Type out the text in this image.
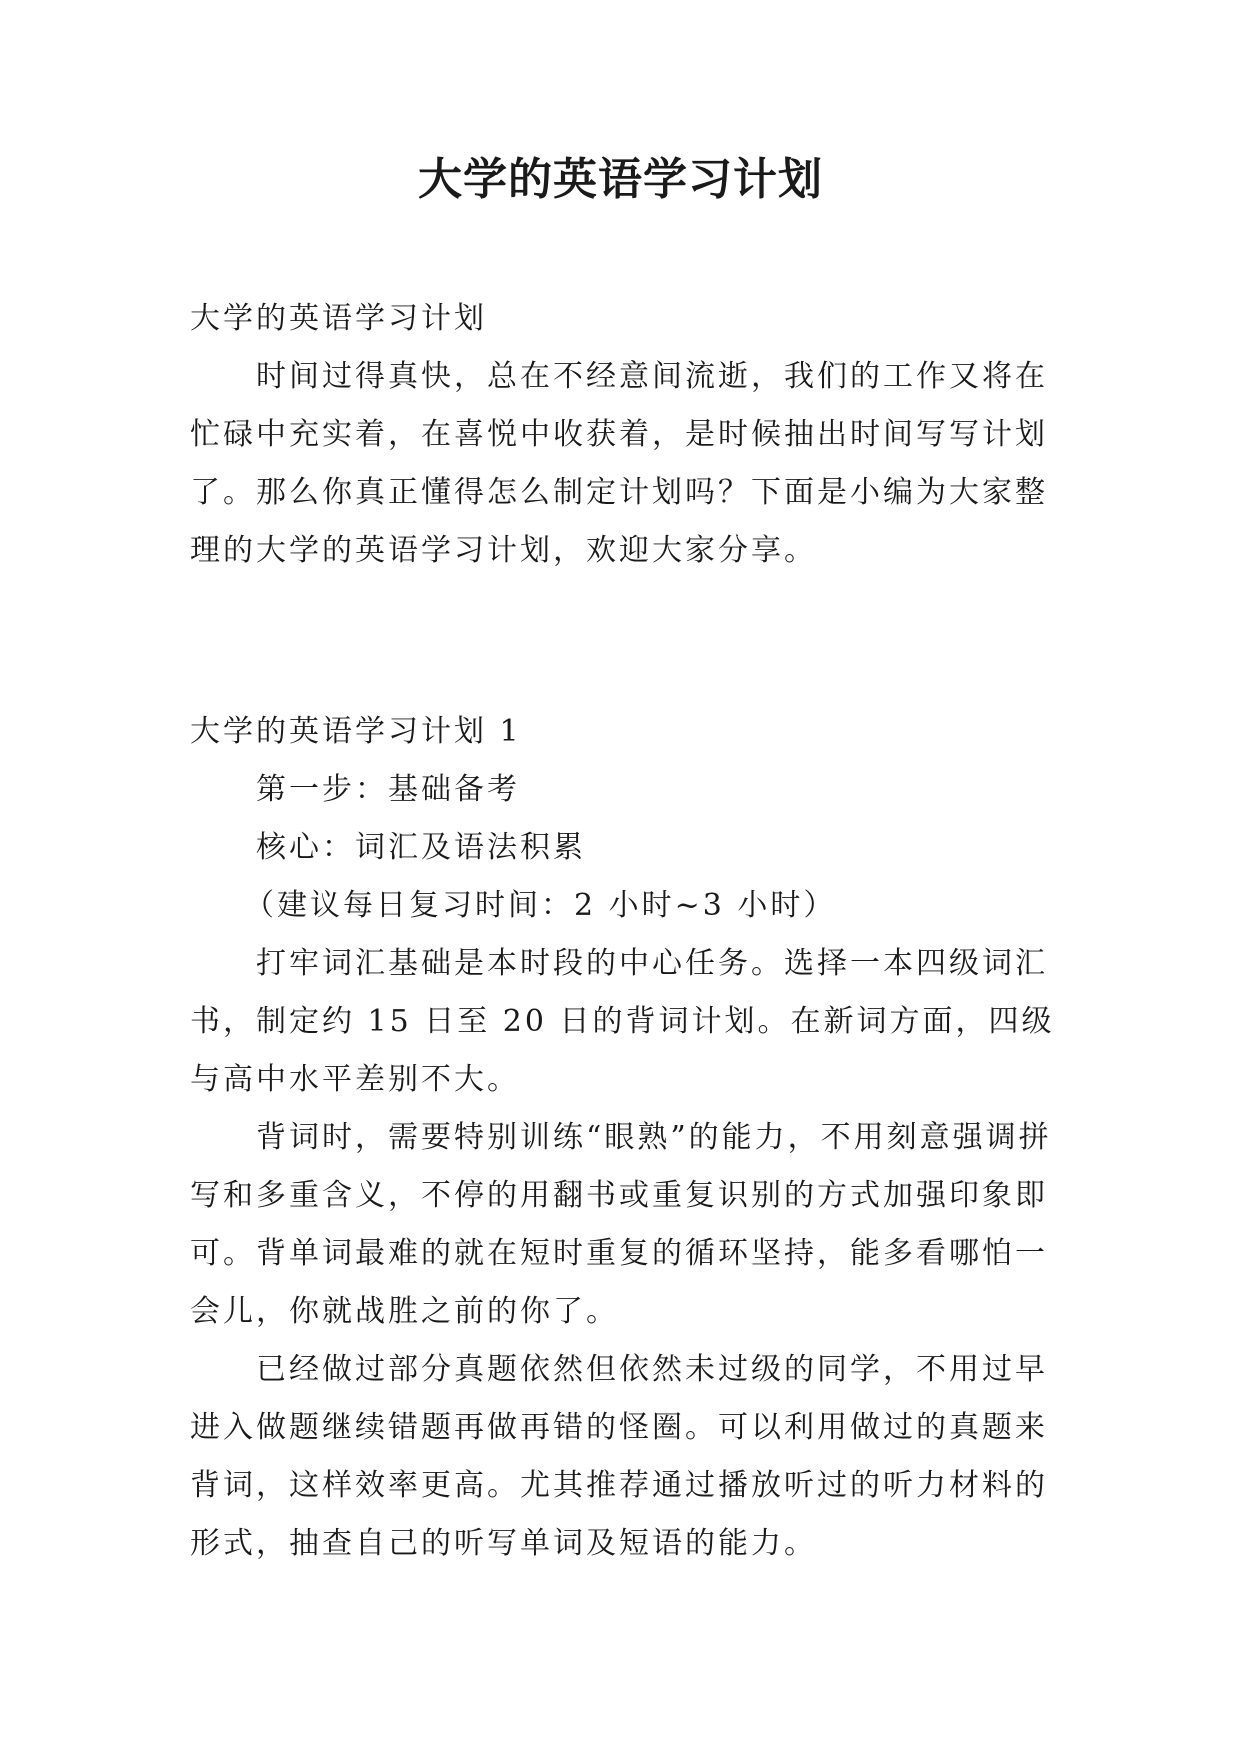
大学的英语学习计划

大学的英语学习计划

时间过得真快，总在不经意间流逝，我们的工作又将在忙碌中充实着，在喜悦中收获着，是时候抽出时间写写计划了。那么你真正懂得怎么制定计划吗？下面是小编为大家整理的大学的英语学习计划，欢迎大家分享。

大学的英语学习计划 1

第一步：基础备考

核心：词汇及语法积累

（建议每日复习时间：2 小时~3 小时）

打牢词汇基础是本时段的中心任务。选择一本四级词汇书，制定约 15 日至 20 日的背词计划。在新词方面，四级与高中水平差别不大。

背词时，需要特别训练“眼熟”的能力，不用刻意强调拼写和多重含义，不停的用翻书或重复识别的方式加强印象即可。背单词最难的就在短时重复的循环坚持，能多看哪怕一会儿，你就战胜之前的你了。

已经做过部分真题依然但依然未过级的同学，不用过早进入做题继续错题再做再错的怪圈。可以利用做过的真题来背词，这样效率更高。尤其推荐通过播放听过的听力材料的形式，抽查自己的听写单词及短语的能力。
